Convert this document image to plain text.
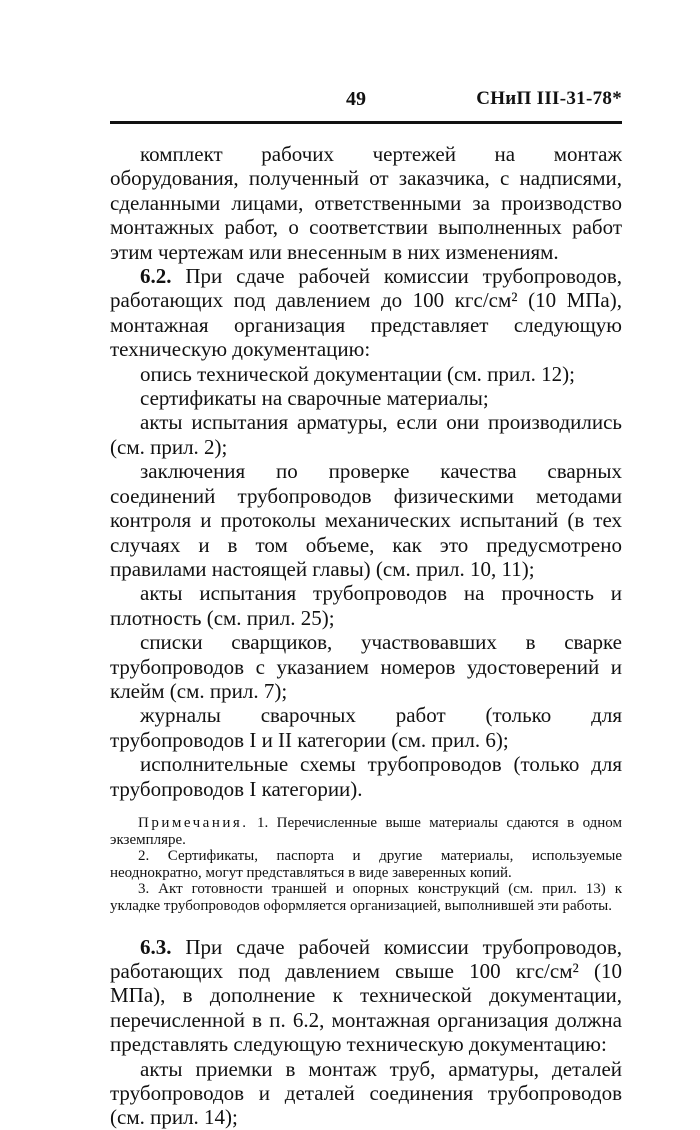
49	СНиП III-31-78*

комплект рабочих чертежей на монтаж оборудования, полученный от заказчика, с надписями, сделанными лицами, ответственными за производство монтажных работ, о соответствии выполненных работ этим чертежам или внесенным в них изменениям.

6.2. При сдаче рабочей комиссии трубопроводов, работающих под давлением до 100 кгс/см² (10 МПа), монтажная организация представляет следующую техническую документацию:

опись технической документации (см. прил. 12);

сертификаты на сварочные материалы;

акты испытания арматуры, если они производились (см. прил. 2);

заключения по проверке качества сварных соединений трубопроводов физическими методами контроля и протоколы механических испытаний (в тех случаях и в том объеме, как это предусмотрено правилами настоящей главы) (см. прил. 10, 11);

акты испытания трубопроводов на прочность и плотность (см. прил. 25);

списки сварщиков, участвовавших в сварке трубопроводов с указанием номеров удостоверений и клейм (см. прил. 7);

журналы сварочных работ (только для трубопроводов I и II категории (см. прил. 6);

исполнительные схемы трубопроводов (только для трубопроводов I категории).

Примечания. 1. Перечисленные выше материалы сдаются в одном экземпляре.

2. Сертификаты, паспорта и другие материалы, используемые неоднократно, могут представляться в виде заверенных копий.

3. Акт готовности траншей и опорных конструкций (см. прил. 13) к укладке трубопроводов оформляется организацией, выполнившей эти работы.

6.3. При сдаче рабочей комиссии трубопроводов, работающих под давлением свыше 100 кгс/см² (10 МПа), в дополнение к технической документации, перечисленной в п. 6.2, монтажная организация должна представлять следующую техническую документацию:

акты приемки в монтаж труб, арматуры, деталей трубопроводов и деталей соединения трубопроводов (см. прил. 14);
